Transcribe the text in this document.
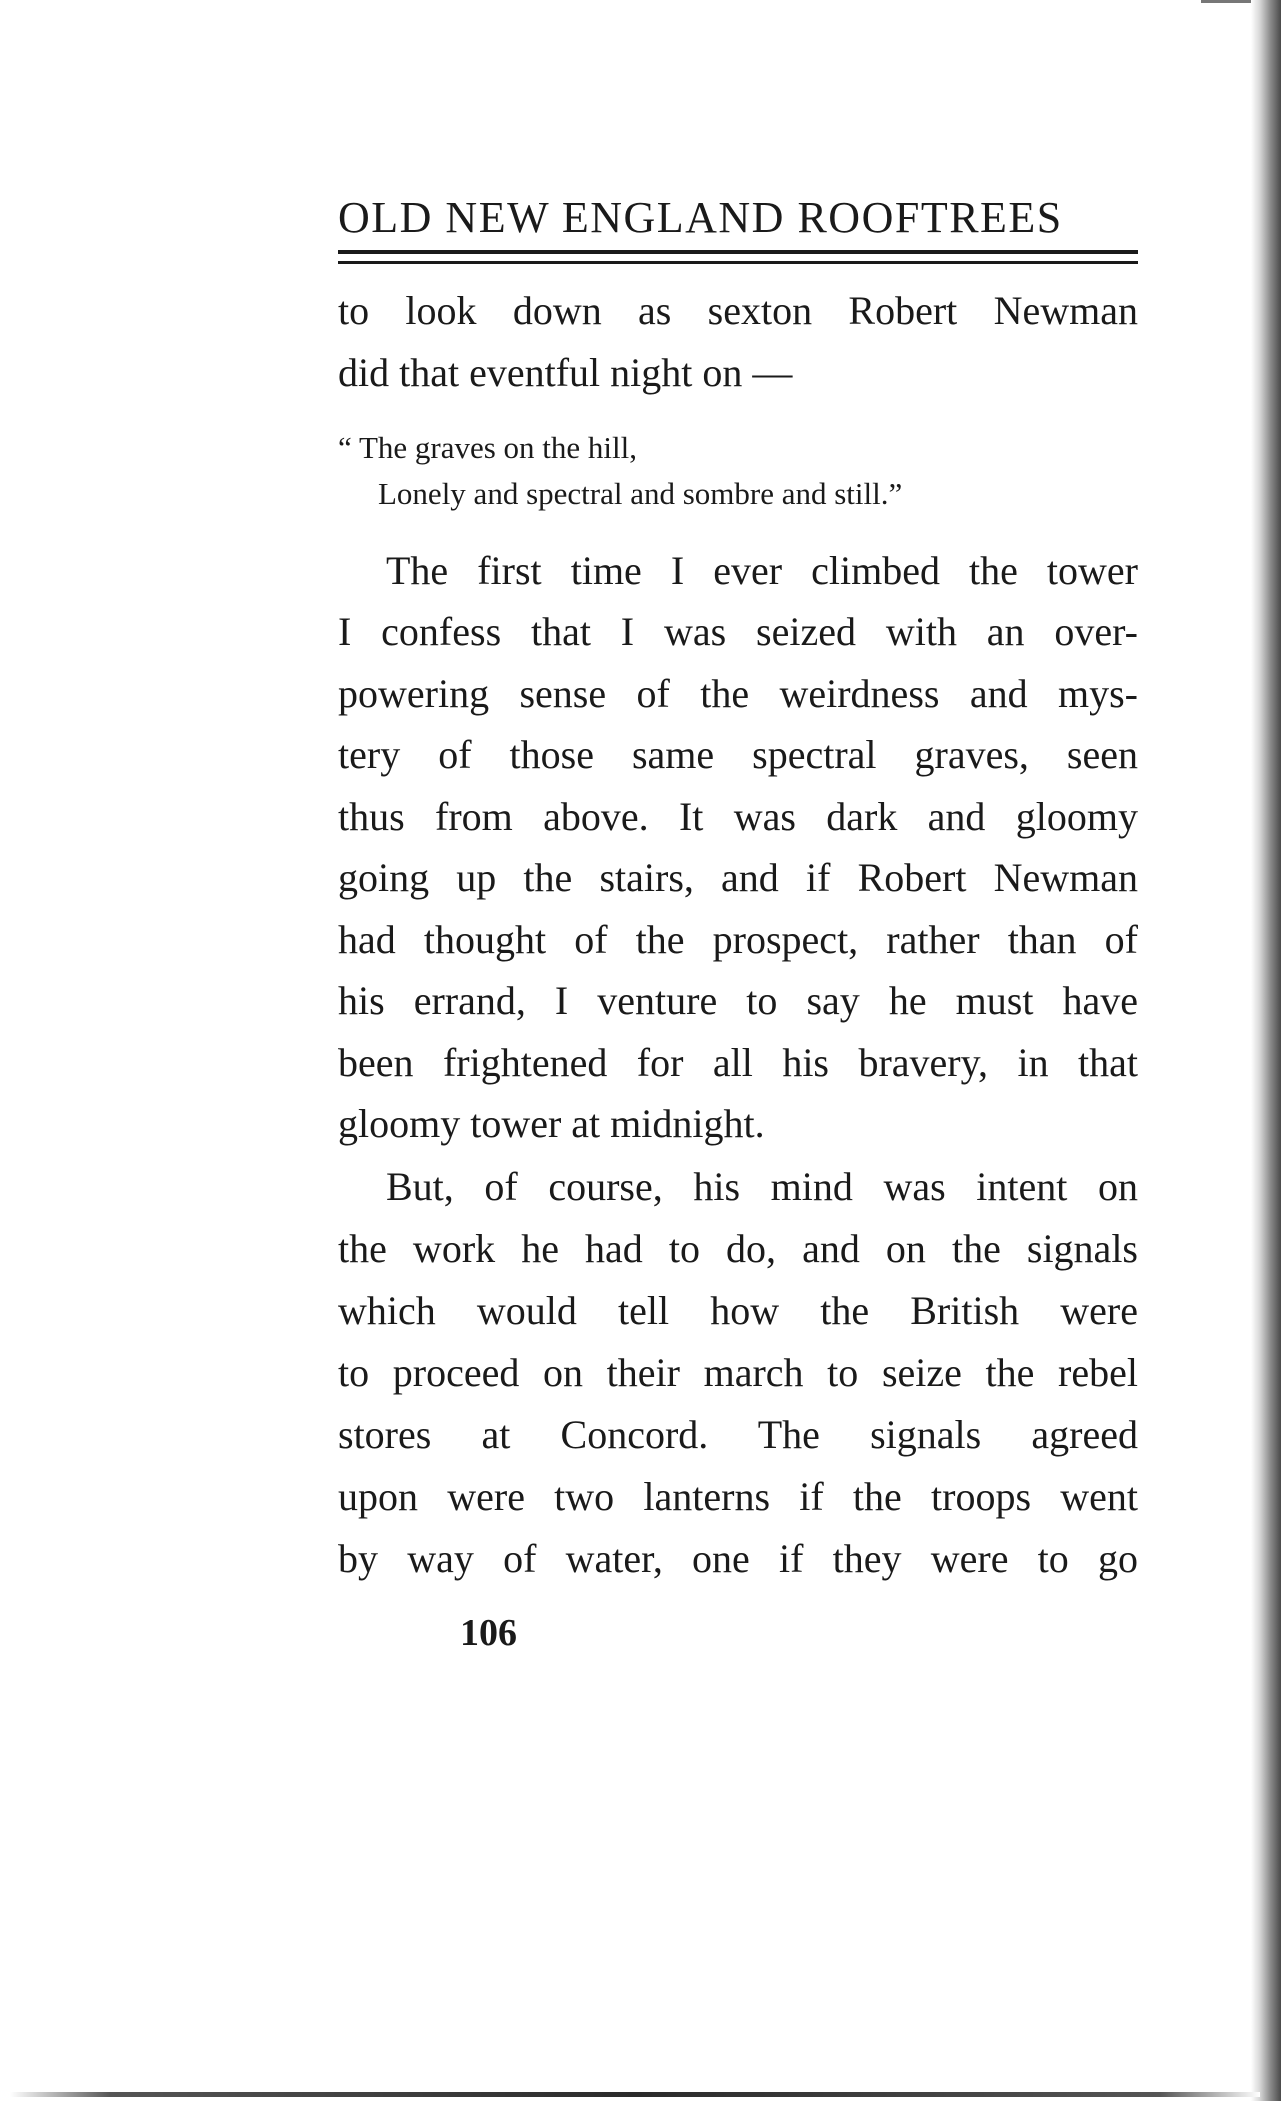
OLD NEW ENGLAND ROOFTREES
to look down as sexton Robert Newman
did that eventful night on —
“ The graves on the hill,
Lonely and spectral and sombre and still.”
The first time I ever climbed the tower
I confess that I was seized with an over-
powering sense of the weirdness and mys-
tery of those same spectral graves, seen
thus from above. It was dark and gloomy
going up the stairs, and if Robert Newman
had thought of the prospect, rather than of
his errand, I venture to say he must have
been frightened for all his bravery, in that
gloomy tower at midnight.
But, of course, his mind was intent on
the work he had to do, and on the signals
which would tell how the British were
to proceed on their march to seize the rebel
stores at Concord. The signals agreed
upon were two lanterns if the troops went
by way of water, one if they were to go
106
